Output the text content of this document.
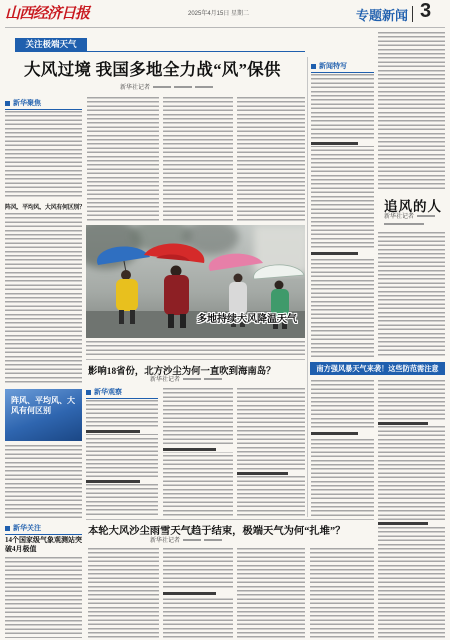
山西经济日报	2025年4月15日 星期二	专题新闻 3
关注极端天气
大风过境 我国多地全力战“风”保供
新华社记者
新华聚焦
阵风、平均风、大风有何区别？
阵风、平均风、大风有何区别
新华关注
14个国家级气象观测站突破4月极值
多地持续大风降温天气
影响18省份，北方沙尘为何一直吹到海南岛？
新华社记者
新华观察
新闻特写
追风的人
新华社记者
南方强风暴天气来袭！这些防范需注意
本轮大风沙尘雨雪天气趋于结束，极端天气为何“扎堆”？
新华社记者
